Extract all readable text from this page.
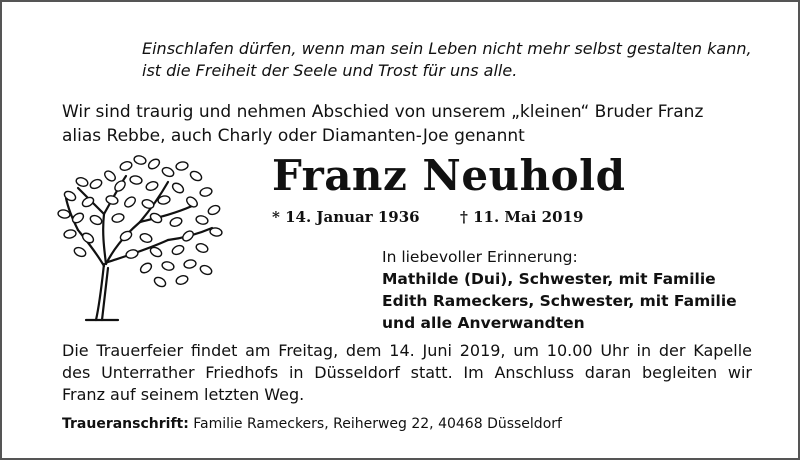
Einschlafen dürfen, wenn man sein Leben nicht mehr selbst gestalten kann,
ist die Freiheit der Seele und Trost für uns alle.
Wir sind traurig und nehmen Abschied von unserem „kleinen“ Bruder Franz
alias Rebbe, auch Charly oder Diamanten-Joe genannt
Franz Neuhold
* 14. Januar 1936	† 11. Mai 2019
In liebevoller Erinnerung:
Mathilde (Dui), Schwester, mit Familie
Edith Rameckers, Schwester, mit Familie
und alle Anverwandten
Die Trauerfeier findet am Freitag, dem 14. Juni 2019, um 10.00 Uhr in der Kapelle
des Unterrather Friedhofs in Düsseldorf statt. Im Anschluss daran begleiten wir
Franz auf seinem letzten Weg.
Traueranschrift: Familie Rameckers, Reiherweg 22, 40468 Düsseldorf
